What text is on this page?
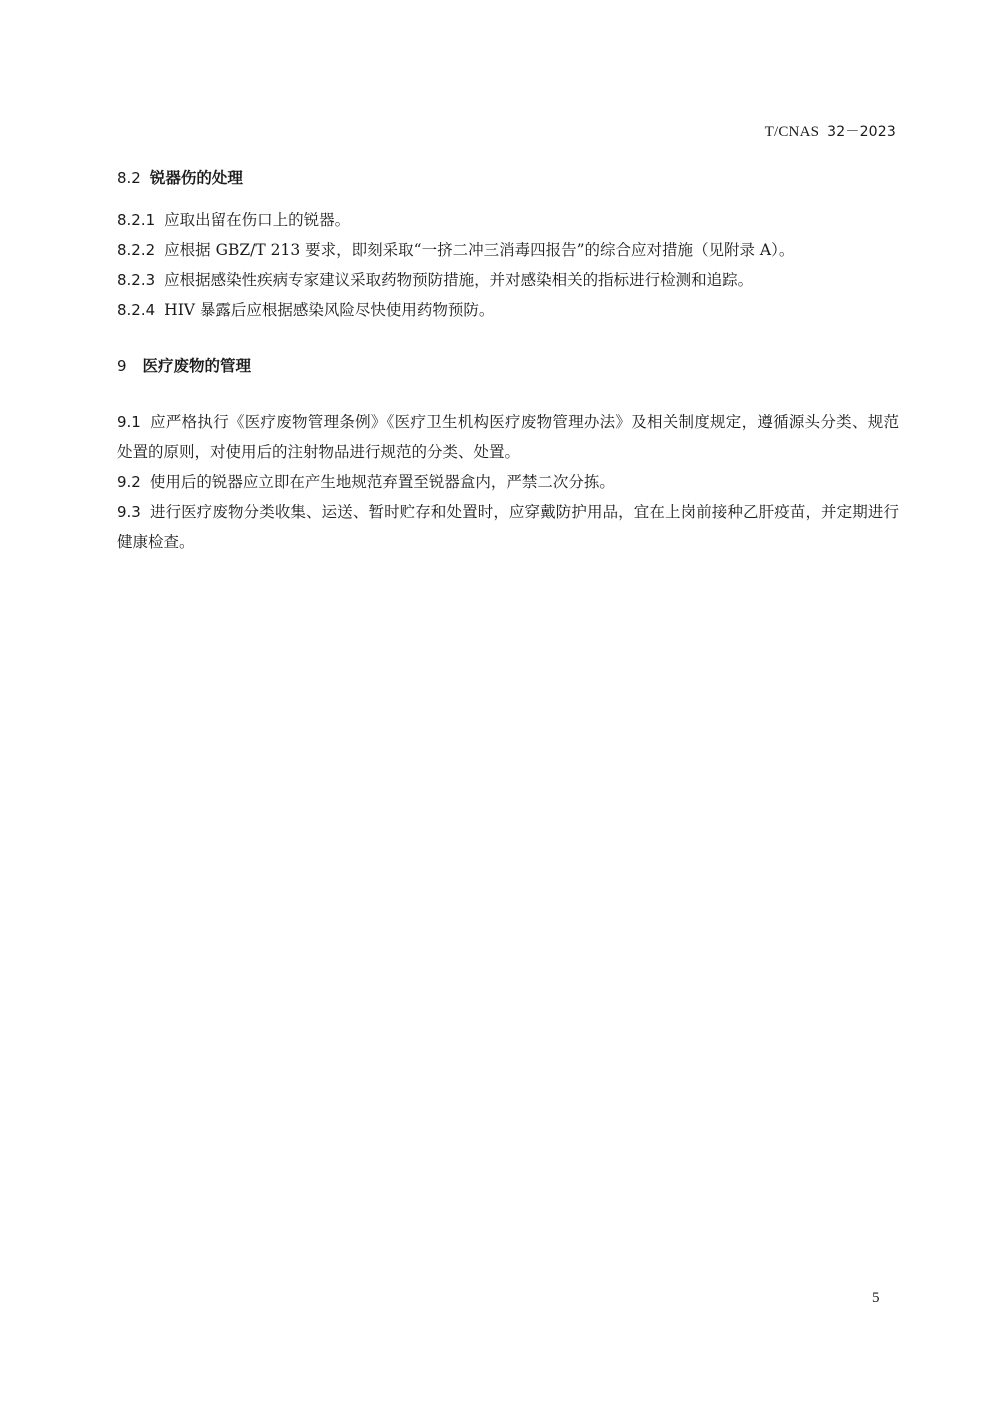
T/CNAS 32－2023
8.2 锐器伤的处理
8.2.1 应取出留在伤口上的锐器。
8.2.2 应根据 GBZ/T 213 要求，即刻采取“一挤二冲三消毒四报告”的综合应对措施（见附录 A）。
8.2.3 应根据感染性疾病专家建议采取药物预防措施，并对感染相关的指标进行检测和追踪。
8.2.4 HIV 暴露后应根据感染风险尽快使用药物预防。
9 医疗废物的管理
9.1 应严格执行《医疗废物管理条例》《医疗卫生机构医疗废物管理办法》及相关制度规定，遵循源头分类、规范处置的原则，对使用后的注射物品进行规范的分类、处置。
9.2 使用后的锐器应立即在产生地规范弃置至锐器盒内，严禁二次分拣。
9.3 进行医疗废物分类收集、运送、暂时贮存和处置时，应穿戴防护用品，宜在上岗前接种乙肝疫苗，并定期进行健康检查。
5
